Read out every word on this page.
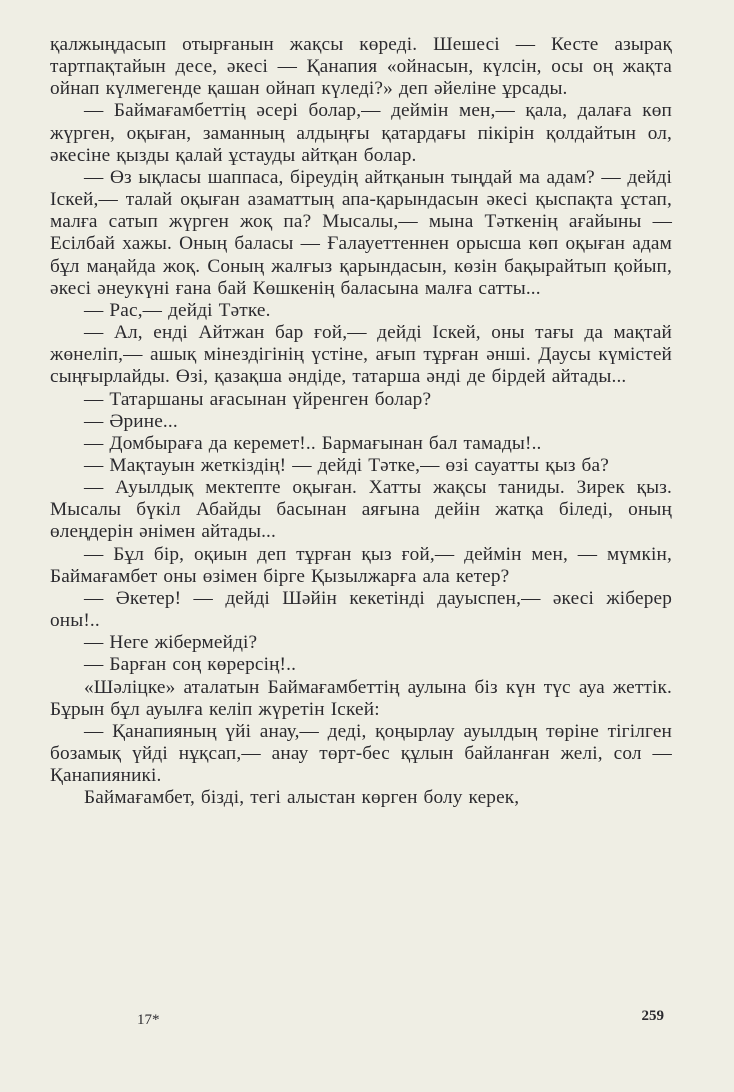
қалжыңдасып отырғанын жақсы көреді. Шешесі — Кесте азырақ тартпақтайын десе, әкесі — Қанапия «ойнасын, күлсін, осы оң жақта ойнап күлмегенде қашан ойнап күледі?» деп әйеліне ұрсады.

— Баймағамбеттің әсері болар,— деймін мен,— қала, далаға көп жүрген, оқыған, заманның алдыңғы қатардағы пікірін қолдайтын ол, әкесіне қызды қалай ұстауды айтқан болар.

— Өз ықласы шаппаса, біреудің айтқанын тыңдай ма адам? — дейді Іскей,— талай оқыған азаматтың апа-қарындасын әкесі қыспақта ұстап, малға сатып жүрген жоқ па? Мысалы,— мына Тәткенің ағайыны — Есілбай хажы. Оның баласы — Ғалауеттеннен орысша көп оқыған адам бұл маңайда жоқ. Соның жалғыз қарындасын, көзін бақырайтып қойып, әкесі әнеукүні ғана бай Көшкенің баласына малға сатты...

— Рас,— дейді Тәтке.

— Ал, енді Айтжан бар ғой,— дейді Іскей, оны тағы да мақтай жөнеліп,— ашық мінездігінің үстіне, ағып тұрған әнші. Даусы күмістей сыңғырлайды. Өзі, қазақша әндіде, татарша әнді де бірдей айтады...

— Татаршаны ағасынан үйренген болар?

— Әрине...

— Домбыраға да керемет!.. Бармағынан бал тамады!..

— Мақтауын жеткіздің! — дейді Тәтке,— өзі сауатты қыз ба?

— Ауылдық мектепте оқыған. Хатты жақсы таниды. Зирек қыз. Мысалы бүкіл Абайды басынан аяғына дейін жатқа біледі, оның өлеңдерін әнімен айтады...

— Бұл бір, оқиын деп тұрған қыз ғой,— деймін мен, — мүмкін, Баймағамбет оны өзімен бірге Қызылжарға ала кетер?

— Әкетер! — дейді Шәйін кекетінді дауыспен,— әкесі жіберер оны!..

— Неге жібермейді?

— Барған соң көрерсің!..

«Шәліцке» аталатын Баймағамбеттің аулына біз күн түс ауа жеттік. Бұрын бұл ауылға келіп жүретін Іскей:

— Қанапияның үйі анау,— деді, қоңырлау ауылдың төріне тігілген бозамық үйді нұқсап,— анау төрт-бес құлын байланған желі, сол — Қанапияникі.

Баймағамбет, бізді, тегі алыстан көрген болу керек,

17*	259
